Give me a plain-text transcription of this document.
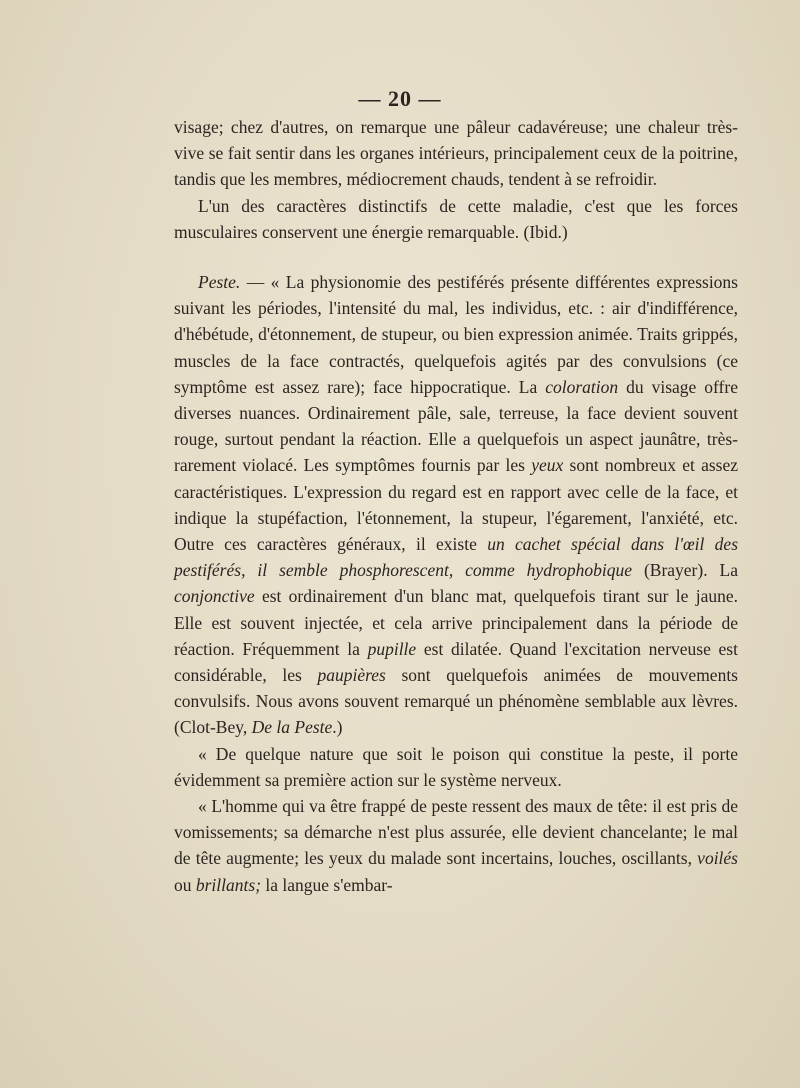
— 20 —

visage; chez d'autres, on remarque une pâleur cadavéreuse; une chaleur très-vive se fait sentir dans les organes intérieurs, principalement ceux de la poitrine, tandis que les membres, médiocrement chauds, tendent à se refroidir.

L'un des caractères distinctifs de cette maladie, c'est que les forces musculaires conservent une énergie remarquable. (Ibid.)

Peste. — « La physionomie des pestiférés présente différentes expressions suivant les périodes, l'intensité du mal, les individus, etc. : air d'indifférence, d'hébétude, d'étonnement, de stupeur, ou bien expression animée. Traits grippés, muscles de la face contractés, quelquefois agités par des convulsions (ce symptôme est assez rare); face hippocratique. La coloration du visage offre diverses nuances. Ordinairement pâle, sale, terreuse, la face devient souvent rouge, surtout pendant la réaction. Elle a quelquefois un aspect jaunâtre, très-rarement violacé. Les symptômes fournis par les yeux sont nombreux et assez caractéristiques. L'expression du regard est en rapport avec celle de la face, et indique la stupéfaction, l'étonnement, la stupeur, l'égarement, l'anxiété, etc. Outre ces caractères généraux, il existe un cachet spécial dans l'œil des pestiférés, il semble phosphorescent, comme hydrophobique (Brayer). La conjonctive est ordinairement d'un blanc mat, quelquefois tirant sur le jaune. Elle est souvent injectée, et cela arrive principalement dans la période de réaction. Fréquemment la pupille est dilatée. Quand l'excitation nerveuse est considérable, les paupières sont quelquefois animées de mouvements convulsifs. Nous avons souvent remarqué un phénomène semblable aux lèvres. (Clot-Bey, De la Peste.)

« De quelque nature que soit le poison qui constitue la peste, il porte évidemment sa première action sur le système nerveux.

« L'homme qui va être frappé de peste ressent des maux de tête: il est pris de vomissements; sa démarche n'est plus assurée, elle devient chancelante; le mal de tête augmente; les yeux du malade sont incertains, louches, oscillants, voilés ou brillants; la langue s'embar-
